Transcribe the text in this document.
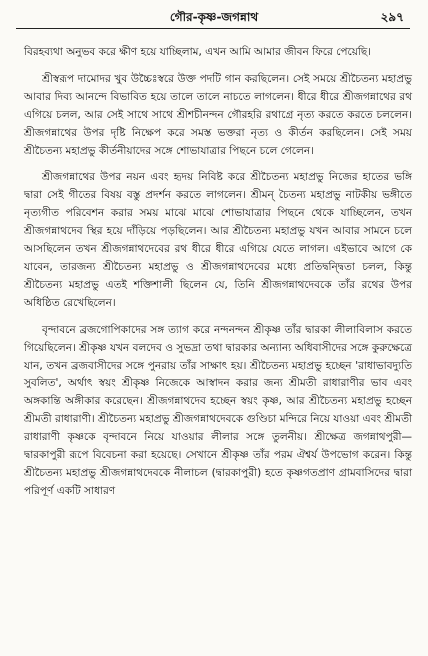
গৌর-কৃষ্ণ-জগন্নাথ	২৯৭

বিরহব্যথা অনুভব করে ক্ষীণ হয়ে যাচ্ছিলাম, এখন আমি আমার জীবন ফিরে পেয়েছি।

শ্রীস্বরূপ দামোদর খুব উচ্চৈঃস্বরে উক্ত পদটি গান করছিলেন। সেই সময়ে শ্রীচৈতন্য মহাপ্রভু আবার দিব্য আনন্দে বিভাবিত হয়ে তালে তালে নাচতে লাগলেন। ধীরে ধীরে শ্রীজগন্নাথের রথ এগিয়ে চলল, আর সেই সাথে সাথে শ্রীশচীনন্দন গৌরহরি রথাগ্রে নৃত্য করতে করতে চললেন। শ্রীজগন্নাথের উপর দৃষ্টি নিক্ষেপ করে সমস্ত ভক্তরা নৃত্য ও কীর্তন করছিলেন। সেই সময় শ্রীচৈতন্য মহাপ্রভু কীর্তনীয়াদের সঙ্গে শোভাযাত্রার পিছনে চলে গেলেন।

শ্রীজগন্নাথের উপর নয়ন এবং হৃদয় নিবিষ্ট করে শ্রীচৈতন্য মহাপ্রভু নিজের হাতের ভঙ্গি দ্বারা সেই গীতের বিষয় বস্তু প্রদর্শন করতে লাগলেন। শ্রীমন্ চৈতন্য মহাপ্রভু নাটকীয় ভঙ্গীতে নৃত্যগীত পরিবেশন করার সময় মাঝে মাঝে শোভাযাত্রার পিছনে থেকে যাচ্ছিলেন, তখন শ্রীজগন্নাথদেব স্থির হয়ে দাঁড়িয়ে পড়ছিলেন। আর শ্রীচৈতন্য মহাপ্রভু যখন আবার সামনে চলে আসছিলেন তখন শ্রীজগন্নাথদেবের রথ ধীরে ধীরে এগিয়ে যেতে লাগল। এইভাবে আগে কে যাবেন, তারজন্য শ্রীচৈতন্য মহাপ্রভু ও শ্রীজগন্নাথদেবের মধ্যে প্রতিদ্বন্দ্বিতা চলল, কিন্তু শ্রীচৈতন্য মহাপ্রভু এতই শক্তিশালী ছিলেন যে, তিনি শ্রীজগন্নাথদেবকে তাঁর রথের উপর অধিষ্ঠিত রেখেছিলেন।

বৃন্দাবনে ব্রজগোপিকাদের সঙ্গ ত্যাগ করে নন্দনন্দন শ্রীকৃষ্ণ তাঁর দ্বারকা লীলাবিলাস করতে গিয়েছিলেন। শ্রীকৃষ্ণ যখন বলদেব ও সুভদ্রা তথা দ্বারকার অন্যান্য অধিবাসীদের সঙ্গে কুরুক্ষেত্রে যান, তখন ব্রজবাসীদের সঙ্গে পুনরায় তাঁর সাক্ষাৎ হয়। শ্রীচৈতন্য মহাপ্রভু হচ্ছেন 'রাধাভাবদ্যুতি সুবলিত', অর্থাৎ স্বয়ং শ্রীকৃষ্ণ নিজেকে আস্বাদন করার জন্য শ্রীমতী রাধারাণীর ভাব এবং অঙ্গকান্তি অঙ্গীকার করেছেন। শ্রীজগন্নাথদেব হচ্ছেন স্বয়ং কৃষ্ণ, আর শ্রীচৈতন্য মহাপ্রভু হচ্ছেন শ্রীমতী রাধারাণী। শ্রীচৈতন্য মহাপ্রভু শ্রীজগন্নাথদেবকে গুণ্ডিচা মন্দিরে নিয়ে যাওয়া এবং শ্রীমতী রাধারাণী কৃষ্ণকে বৃন্দাবনে নিয়ে যাওয়ার লীলার সঙ্গে তুলনীয়। শ্রীক্ষেত্র জগন্নাথপুরী—দ্বারকাপুরী রূপে বিবেচনা করা হয়েছে। সেখানে শ্রীকৃষ্ণ তাঁর পরম ঐশ্বর্য উপভোগ করেন। কিন্তু শ্রীচৈতন্য মহাপ্রভু শ্রীজগন্নাথদেবকে নীলাচল (দ্বারকাপুরী) হতে কৃষ্ণগতপ্রাণ গ্রামবাসিদের দ্বারা পরিপূর্ণ একটি সাধারণ
